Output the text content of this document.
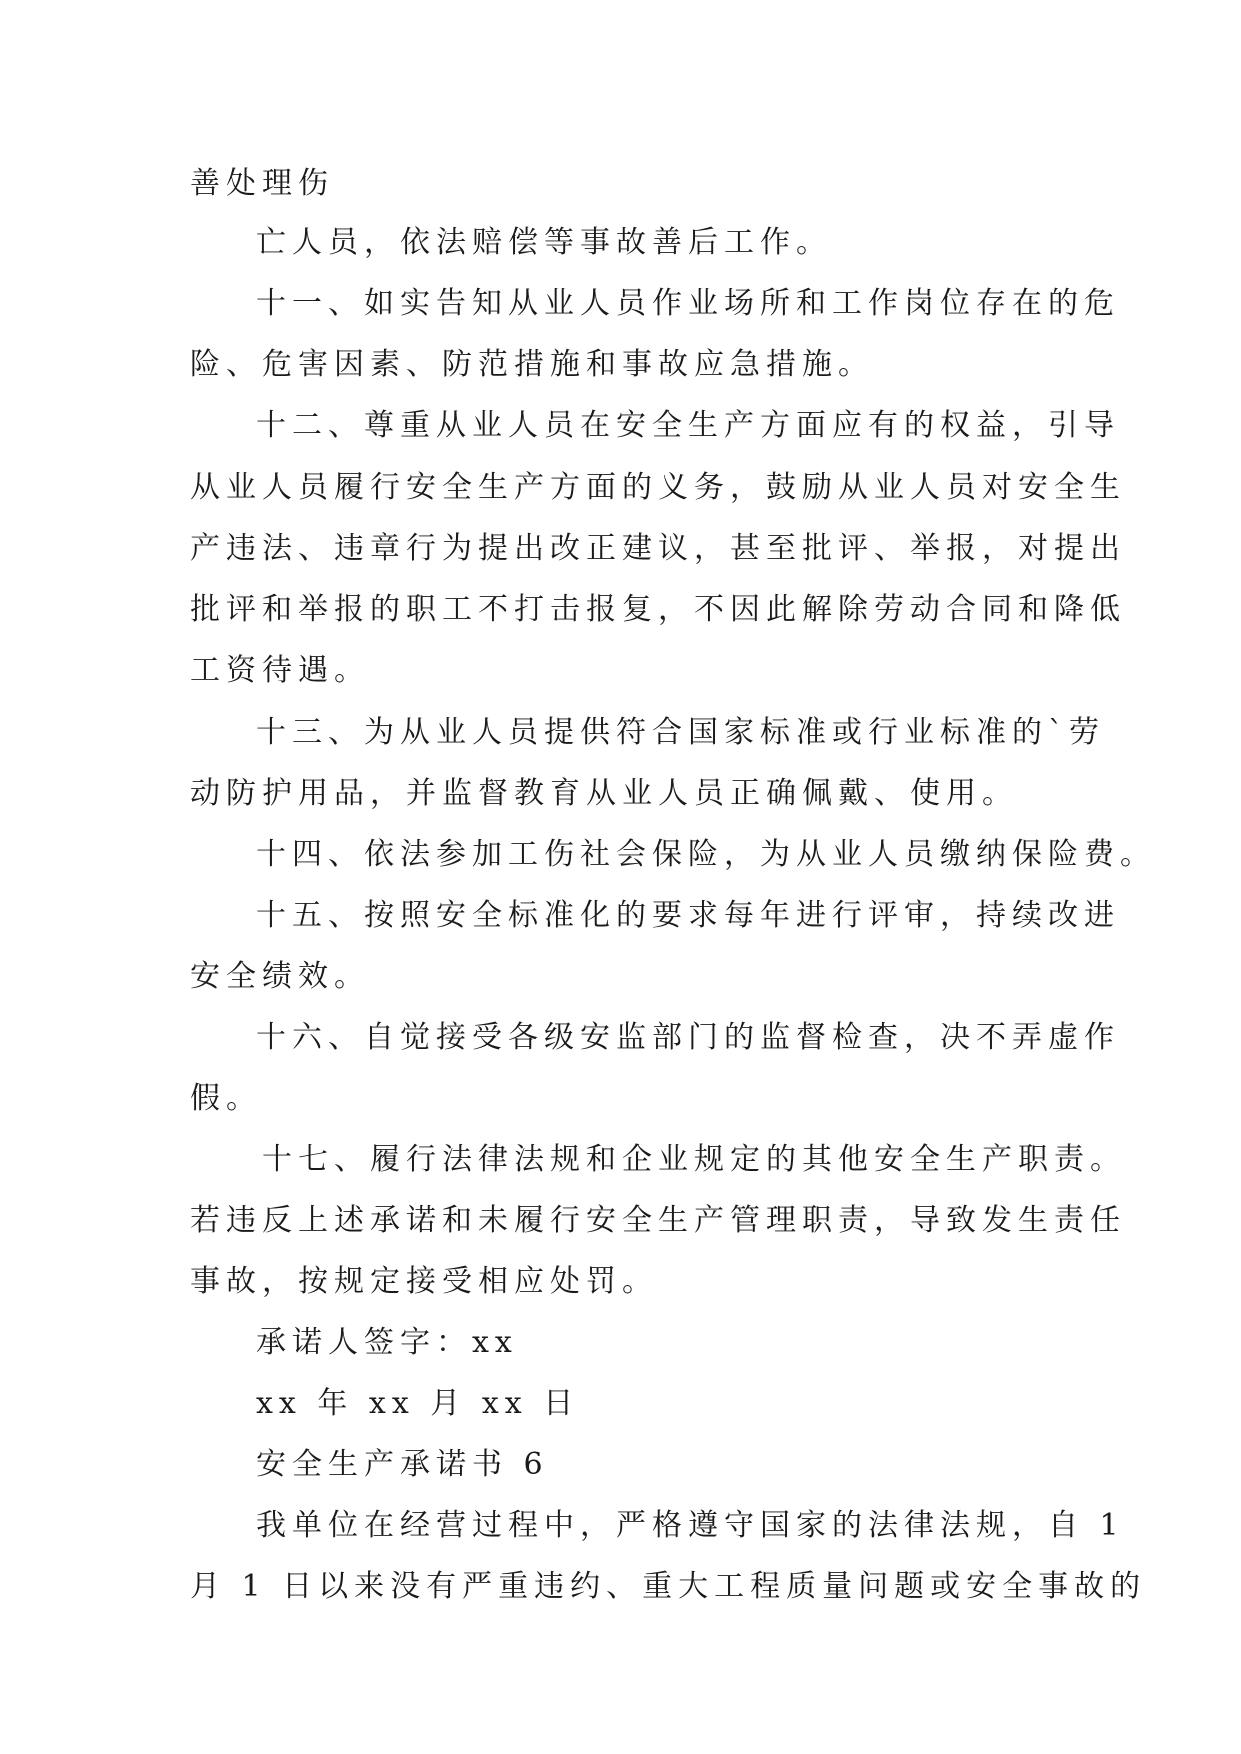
善处理伤
亡人员，依法赔偿等事故善后工作。
十一、如实告知从业人员作业场所和工作岗位存在的危
险、危害因素、防范措施和事故应急措施。
十二、尊重从业人员在安全生产方面应有的权益，引导
从业人员履行安全生产方面的义务，鼓励从业人员对安全生
产违法、违章行为提出改正建议，甚至批评、举报，对提出
批评和举报的职工不打击报复，不因此解除劳动合同和降低
工资待遇。
十三、为从业人员提供符合国家标准或行业标准的`劳
动防护用品，并监督教育从业人员正确佩戴、使用。
十四、依法参加工伤社会保险，为从业人员缴纳保险费。
十五、按照安全标准化的要求每年进行评审，持续改进
安全绩效。
十六、自觉接受各级安监部门的监督检查，决不弄虚作
假。
十七、履行法律法规和企业规定的其他安全生产职责。
若违反上述承诺和未履行安全生产管理职责，导致发生责任
事故，按规定接受相应处罚。
承诺人签字：xx
xx 年 xx 月 xx 日
安全生产承诺书 6
我单位在经营过程中，严格遵守国家的法律法规，自 1
月 1 日以来没有严重违约、重大工程质量问题或安全事故的
